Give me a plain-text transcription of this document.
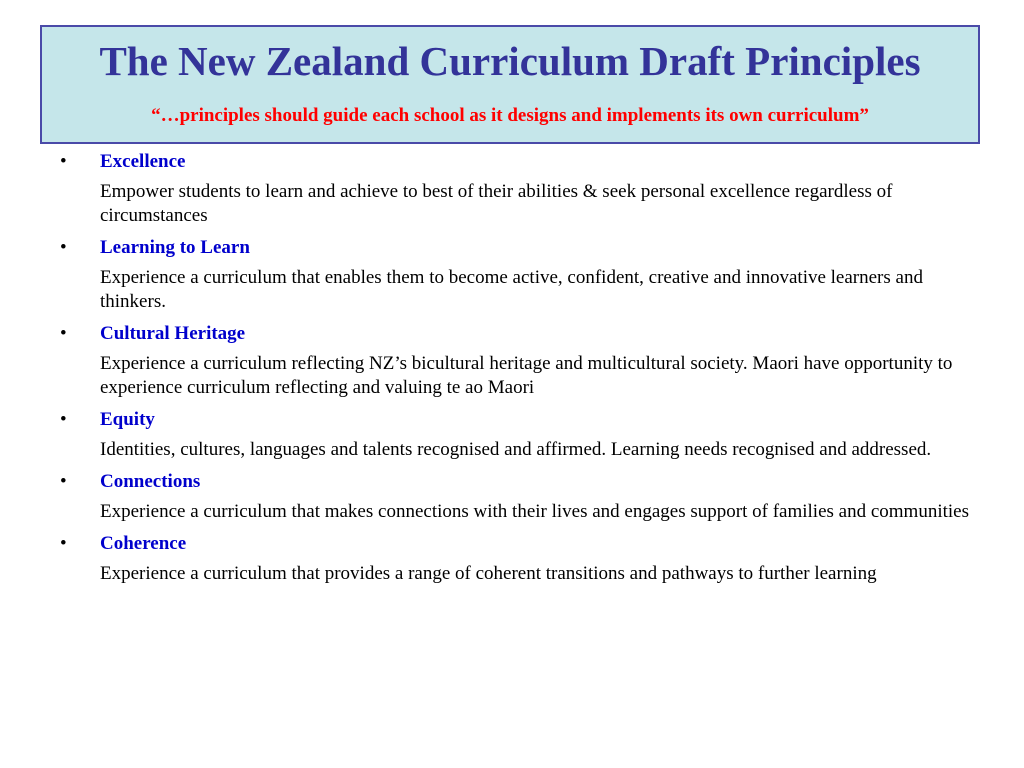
The New Zealand Curriculum Draft Principles

“…principles should guide each school as it designs and implements its own curriculum”

• Excellence
Empower students to learn and achieve to best of their abilities & seek personal excellence regardless of circumstances
• Learning to Learn
Experience a curriculum that enables them to become active, confident, creative and innovative learners and thinkers.
• Cultural Heritage
Experience a curriculum reflecting NZ’s bicultural heritage and multicultural society. Maori have opportunity to experience curriculum reflecting and valuing te ao Maori
• Equity
Identities, cultures, languages and talents recognised and affirmed. Learning needs recognised and addressed.
• Connections
Experience a curriculum that makes connections with their lives and engages support of families and communities
• Coherence
Experience a curriculum that provides a range of coherent transitions and pathways to further learning
